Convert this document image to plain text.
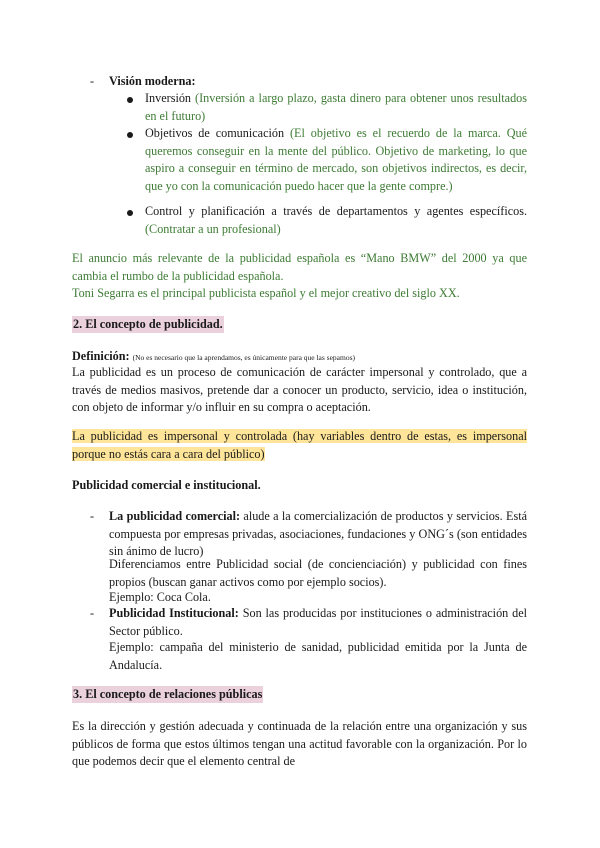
- Visión moderna:
Inversión (Inversión a largo plazo, gasta dinero para obtener unos resultados en el futuro)
Objetivos de comunicación (El objetivo es el recuerdo de la marca. Qué queremos conseguir en la mente del público. Objetivo de marketing, lo que aspiro a conseguir en término de mercado, son objetivos indirectos, es decir, que yo con la comunicación puedo hacer que la gente compre.)
Control y planificación a través de departamentos y agentes específicos. (Contratar a un profesional)
El anuncio más relevante de la publicidad española es “Mano BMW” del 2000 ya que cambia el rumbo de la publicidad española.
Toni Segarra es el principal publicista español y el mejor creativo del siglo XX.
2. El concepto de publicidad.
Definición: (No es necesario que la aprendamos, es únicamente para que las sepamos)
La publicidad es un proceso de comunicación de carácter impersonal y controlado, que a través de medios masivos, pretende dar a conocer un producto, servicio, idea o institución, con objeto de informar y/o influir en su compra o aceptación.
La publicidad es impersonal y controlada (hay variables dentro de estas, es impersonal porque no estás cara a cara del público)
Publicidad comercial e institucional.
- La publicidad comercial: alude a la comercialización de productos y servicios. Está compuesta por empresas privadas, asociaciones, fundaciones y ONG´s (son entidades sin ánimo de lucro)
Diferenciamos entre Publicidad social (de concienciación) y publicidad con fines propios (buscan ganar activos como por ejemplo socios).
Ejemplo: Coca Cola.
- Publicidad Institucional: Son las producidas por instituciones o administración del Sector público.
Ejemplo: campaña del ministerio de sanidad, publicidad emitida por la Junta de Andalucía.
3. El concepto de relaciones públicas
Es la dirección y gestión adecuada y continuada de la relación entre una organización y sus públicos de forma que estos últimos tengan una actitud favorable con la organización. Por lo que podemos decir que el elemento central de
